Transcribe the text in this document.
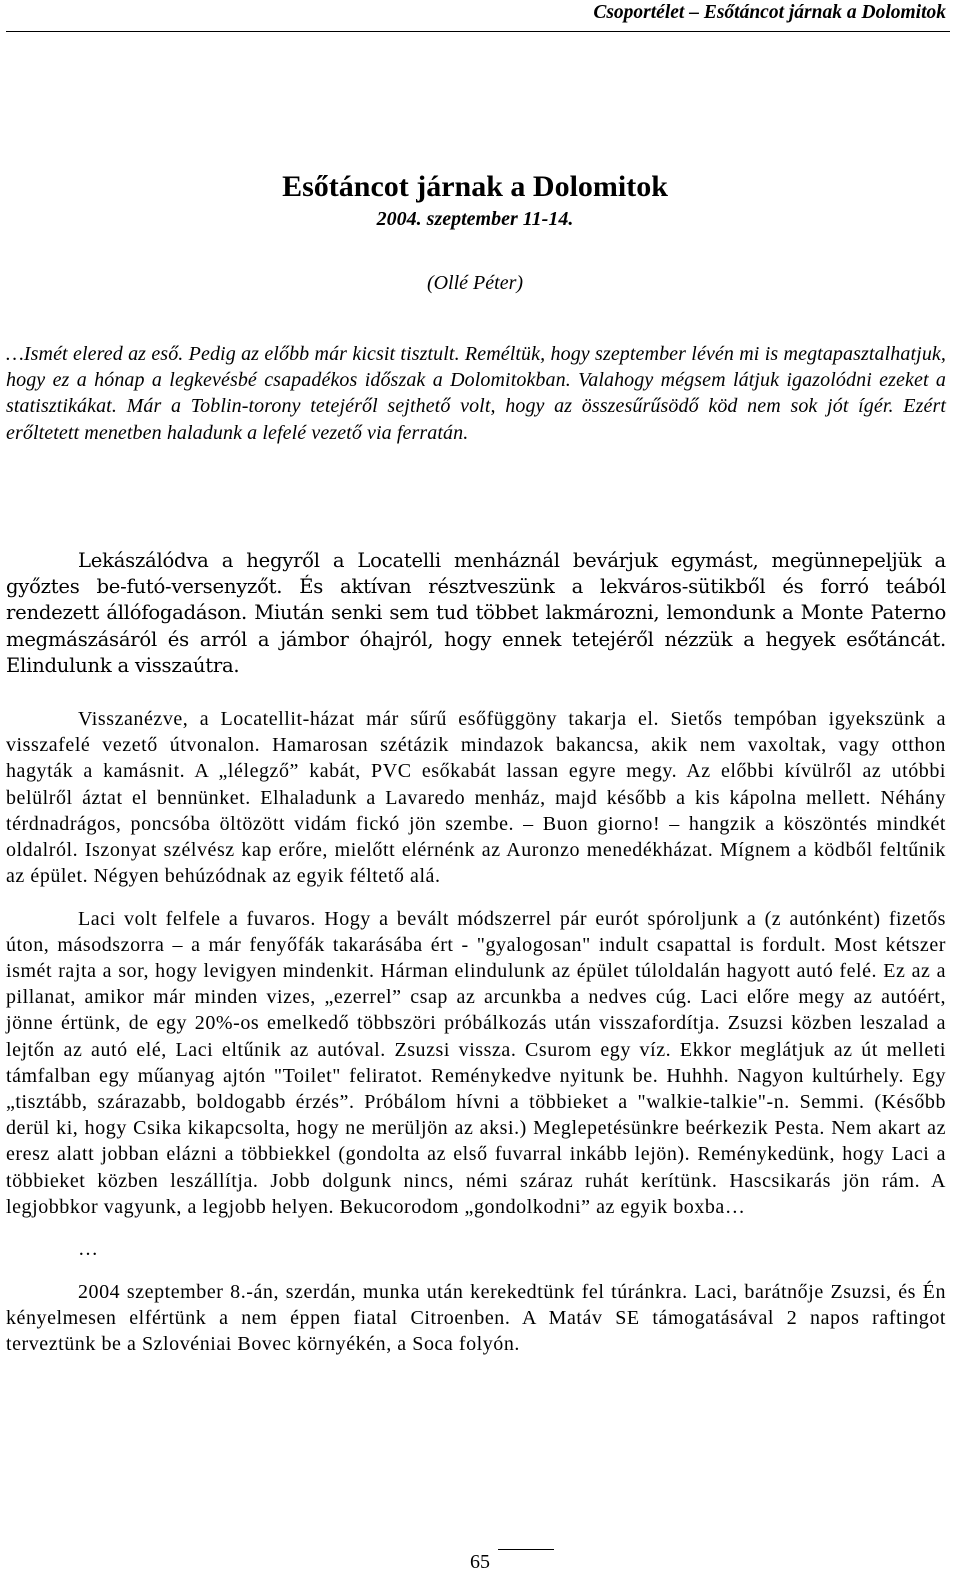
Csoportélet – Esőtáncot járnak a Dolomitok
Esőtáncot járnak a Dolomitok
2004. szeptember 11-14.
(Ollé Péter)
…Ismét elered az eső. Pedig az előbb már kicsit tisztult. Reméltük, hogy szeptember lévén mi is megtapasztalhatjuk, hogy ez a hónap a legkevésbé csapadékos időszak a Dolomitokban. Valahogy mégsem látjuk igazolódni ezeket a statisztikákat. Már a Toblin-torony tetejéről sejthető volt, hogy az összesűrűsödő köd nem sok jót ígér. Ezért erőltetett menetben haladunk a lefelé vezető via ferratán.

Lekászálódva a hegyről a Locatelli menháznál bevárjuk egymást, megünnepeljük a győztes be-futó-versenyzőt. És aktívan résztveszünk a lekváros-sütikből és forró teából rendezett állófogadáson. Miután senki sem tud többet lakmározni, lemondunk a Monte Paterno megmászásáról és arról a jámbor óhajról, hogy ennek tetejéről nézzük a hegyek esőtáncát. Elindulunk a visszaútra.

Visszanézve, a Locatellit-házat már sűrű esőfüggöny takarja el. Sietős tempóban igyekszünk a visszafelé vezető útvonalon. Hamarosan szétázik mindazok bakancsa, akik nem vaxoltak, vagy otthon hagyták a kamásnit. A „lélegző” kabát, PVC esőkabát lassan egyre megy. Az előbbi kívülről az utóbbi belülről áztat el bennünket. Elhaladunk a Lavaredo menház, majd később a kis kápolna mellett. Néhány térdnadrágos, poncsóba öltözött vidám fickó jön szembe. – Buon giorno! – hangzik a köszöntés mindkét oldalról. Iszonyat szélvész kap erőre, mielőtt elérnénk az Auronzo menedékházat. Mígnem a ködből feltűnik az épület. Négyen behúzódnak az egyik féltető alá.

Laci volt felfele a fuvaros. Hogy a bevált módszerrel pár eurót spóroljunk a (z autónként) fizetős úton, másodszorra – a már fenyőfák takarásába ért - "gyalogosan" indult csapattal is fordult. Most kétszer ismét rajta a sor, hogy levigyen mindenkit. Hárman elindulunk az épület túloldalán hagyott autó felé. Ez az a pillanat, amikor már minden vizes, „ezerrel” csap az arcunkba a nedves cúg. Laci előre megy az autóért, jönne értünk, de egy 20%-os emelkedő többszöri próbálkozás után visszafordítja. Zsuzsi közben leszalad a lejtőn az autó elé, Laci eltűnik az autóval. Zsuzsi vissza. Csurom egy víz. Ekkor meglátjuk az út melleti támfalban egy műanyag ajtón "Toilet" feliratot. Reménykedve nyitunk be. Huhhh. Nagyon kultúrhely. Egy „tisztább, szárazabb, boldogabb érzés”. Próbálom hívni a többieket a "walkie-talkie"-n. Semmi. (Később derül ki, hogy Csika kikapcsolta, hogy ne merüljön az aksi.) Meglepetésünkre beérkezik Pesta. Nem akart az eresz alatt jobban elázni a többiekkel (gondolta az első fuvarral inkább lejön). Reménykedünk, hogy Laci a többieket közben leszállítja. Jobb dolgunk nincs, némi száraz ruhát kerítünk. Hascsikarás jön rám. A legjobbkor vagyunk, a legjobb helyen. Bekucorodom „gondolkodni” az egyik boxba…

…

2004 szeptember 8.-án, szerdán, munka után kerekedtünk fel túránkra. Laci, barátnője Zsuzsi, és Én kényelmesen elfértünk a nem éppen fiatal Citroenben. A Matáv SE támogatásával 2 napos raftingot terveztünk be a Szlovéniai Bovec környékén, a Soca folyón.

65
